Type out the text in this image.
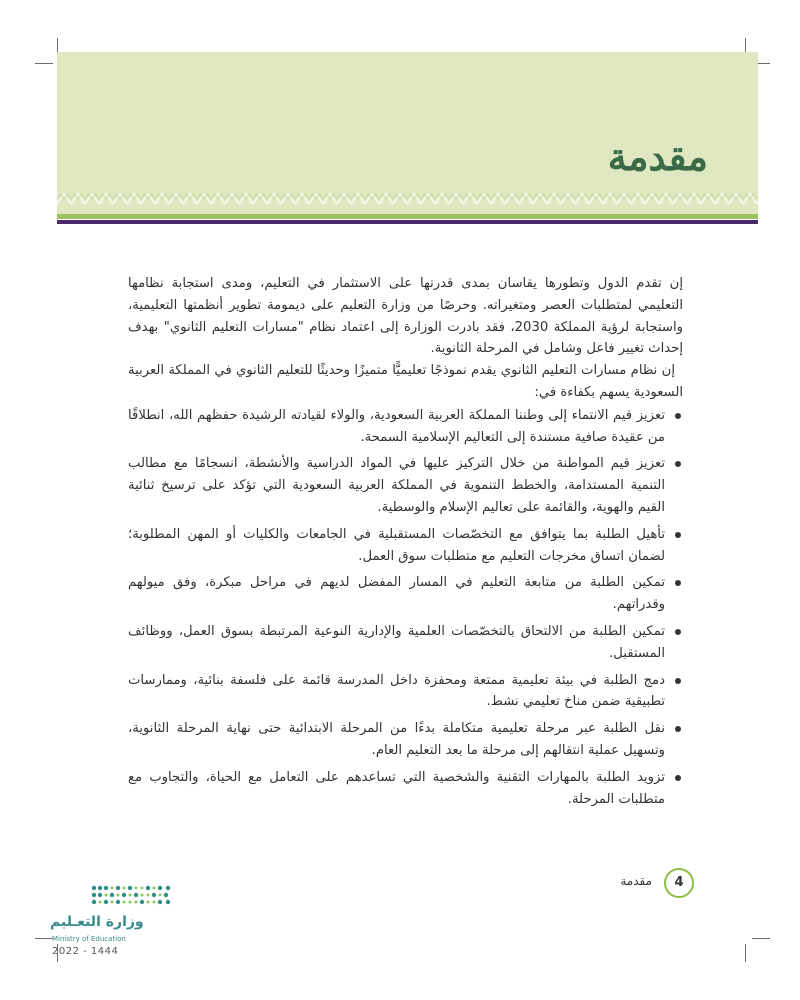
مقدمة

إن تقدم الدول وتطورها يقاسان بمدى قدرتها على الاستثمار في التعليم، ومدى استجابة نظامها التعليمي لمتطلبات العصر ومتغيراته. وحرصًا من وزارة التعليم على ديمومة تطوير أنظمتها التعليمية، واستجابة لرؤية المملكة 2030، فقد بادرت الوزارة إلى اعتماد نظام "مسارات التعليم الثانوي" بهدف إحداث تغيير فاعل وشامل في المرحلة الثانوية.

إن نظام مسارات التعليم الثانوي يقدم نموذجًا تعليميًّا متميزًا وحديثًا للتعليم الثانوي في المملكة العربية السعودية يسهم بكفاءة في:

تعزيز قيم الانتماء إلى وطننا المملكة العربية السعودية، والولاء لقيادته الرشيدة حفظهم الله، انطلاقًا من عقيدة صافية مستندة إلى التعاليم الإسلامية السمحة.
تعزيز قيم المواطنة من خلال التركيز عليها في المواد الدراسية والأنشطة، انسجامًا مع مطالب التنمية المستدامة، والخطط التنموية في المملكة العربية السعودية التي تؤكد على ترسيخ ثنائية القيم والهوية، والقائمة على تعاليم الإسلام والوسطية.
تأهيل الطلبة بما يتوافق مع التخصّصات المستقبلية في الجامعات والكليات أو المهن المطلوبة؛ لضمان اتساق مخرجات التعليم مع متطلبات سوق العمل.
تمكين الطلبة من متابعة التعليم في المسار المفضل لديهم في مراحل مبكرة، وفق ميولهم وقدراتهم.
تمكين الطلبة من الالتحاق بالتخصّصات العلمية والإدارية النوعية المرتبطة بسوق العمل، ووظائف المستقبل.
دمج الطلبة في بيئة تعليمية ممتعة ومحفزة داخل المدرسة قائمة على فلسفة بنائية، وممارسات تطبيقية ضمن مناخ تعليمي نشط.
نقل الطلبة عبر مرحلة تعليمية متكاملة بدءًا من المرحلة الابتدائية حتى نهاية المرحلة الثانوية، وتسهيل عملية انتقالهم إلى مرحلة ما بعد التعليم العام.
تزويد الطلبة بالمهارات التقنية والشخصية التي تساعدهم على التعامل مع الحياة، والتجاوب مع متطلبات المرحلة.
4
مقدمة
وزارة التعـليم
Ministry of Education
2022 - 1444
